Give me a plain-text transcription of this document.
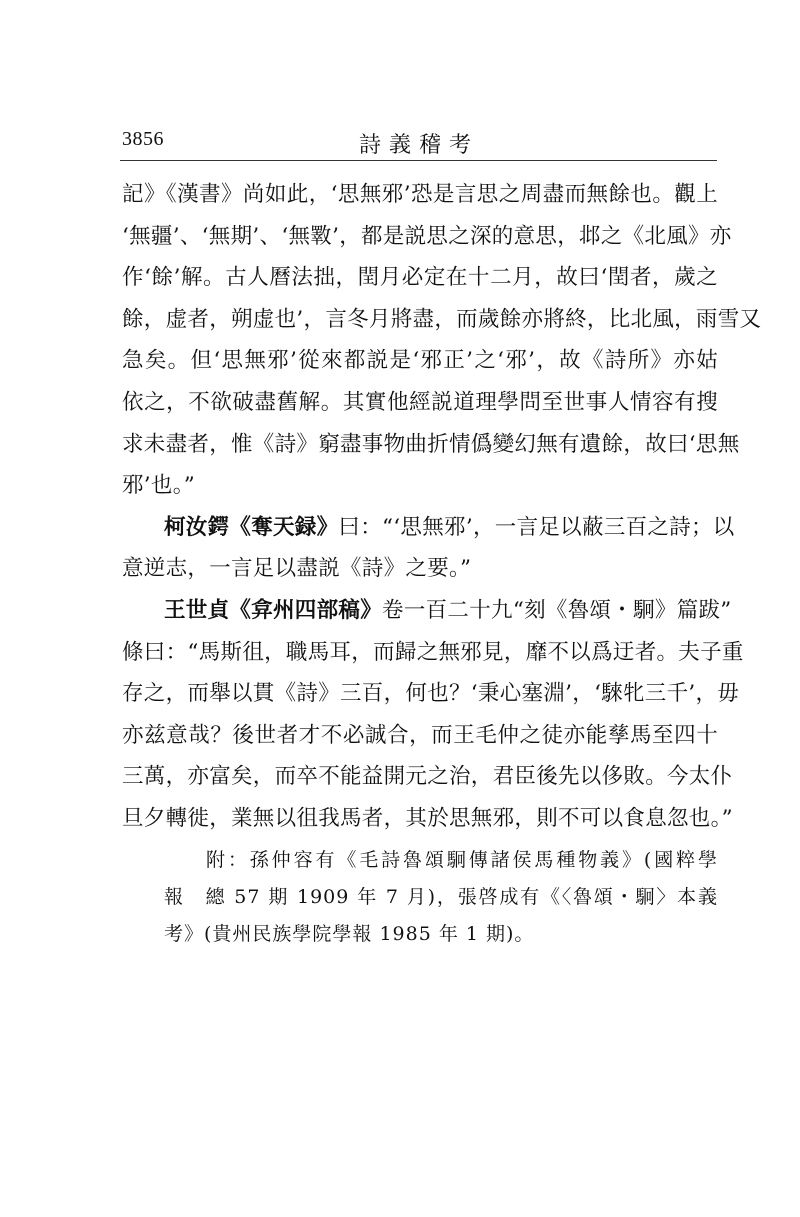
3856	詩義稽考
記》《漢書》尚如此，‘思無邪’恐是言思之周盡而無餘也。觀上
‘無疆’、‘無期’、‘無斁’，都是説思之深的意思，邶之《北風》亦
作‘餘’解。古人曆法拙，閏月必定在十二月，故曰‘閏者，歲之
餘，虚者，朔虚也’，言冬月將盡，而歲餘亦將終，比北風，雨雪又
急矣。但‘思無邪’從來都説是‘邪正’之‘邪’，故《詩所》亦姑
依之，不欲破盡舊解。其實他經説道理學問至世事人情容有搜
求未盡者，惟《詩》窮盡事物曲折情僞變幻無有遺餘，故曰‘思無
邪’也。”
柯汝鍔《奪天録》曰：“‘思無邪’，一言足以蔽三百之詩；以
意逆志，一言足以盡説《詩》之要。”
王世貞《弇州四部稿》卷一百二十九“刻《魯頌・駉》篇跋”
條曰：“馬斯徂，職馬耳，而歸之無邪見，靡不以爲迂者。夫子重
存之，而舉以貫《詩》三百，何也？‘秉心塞淵’，‘騋牝三千’，毋
亦兹意哉？後世者才不必誠合，而王毛仲之徒亦能孳馬至四十
三萬，亦富矣，而卒不能益開元之治，君臣後先以侈敗。今太仆
旦夕轉徙，業無以徂我馬者，其於思無邪，則不可以食息忽也。”
附：孫仲容有《毛詩魯頌駉傳諸侯馬種物義》(國粹學
報　總 57 期 1909 年 7 月)，張啓成有《〈魯頌・駉〉本義
考》(貴州民族學院學報 1985 年 1 期)。
